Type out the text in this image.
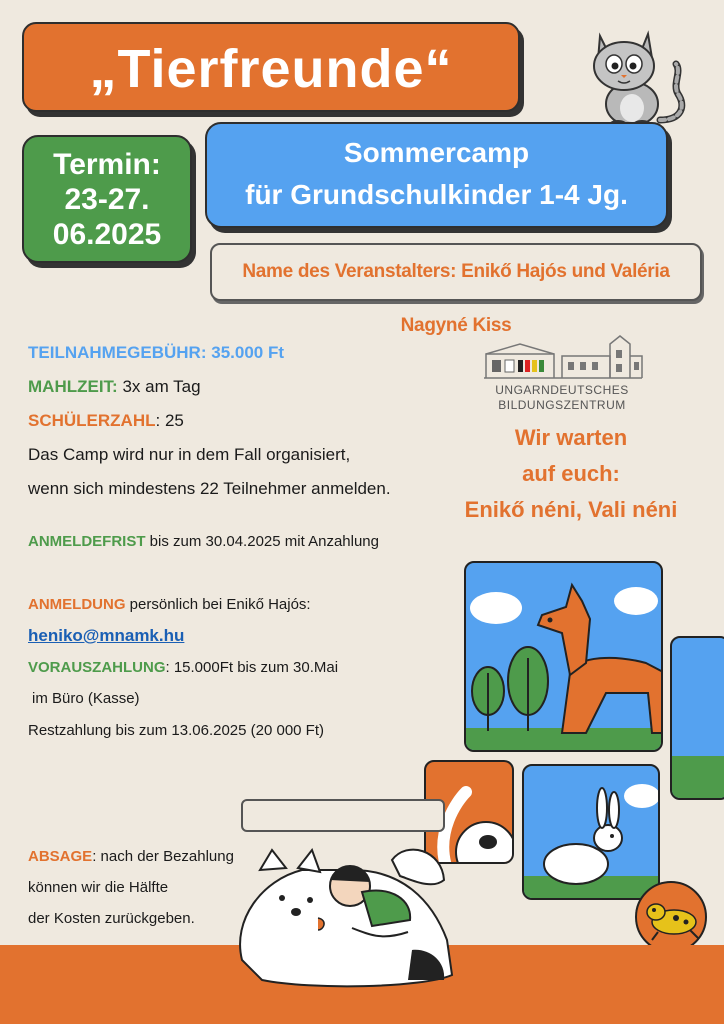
„Tierfreunde“
Termin:
23-27.
06.2025
Sommercamp
für Grundschulkinder 1-4 Jg.
Name des Veranstalters: Enikő Hajós und Valéria Nagyné Kiss
TEILNAHMEGEBÜHR: 35.000 Ft
MAHLZEIT: 3x am Tag
SCHÜLERZAHL: 25
Das Camp wird nur in dem Fall organisiert,
wenn sich mindestens 22 Teilnehmer anmelden.
ANMELDEFRIST bis zum 30.04.2025 mit Anzahlung
ANMELDUNG persönlich bei Enikő Hajós:
heniko@mnamk.hu
VORAUSZAHLUNG: 15.000Ft bis zum 30.Mai
im Büro (Kasse)
Restzahlung bis zum 13.06.2025 (20 000 Ft)
ABSAGE: nach der Bezahlung
können wir die Hälfte
der Kosten zurückgeben.
UNGARNDEUTSCHES
BILDUNGSZENTRUM
Wir warten
auf euch:
Enikő néni, Vali néni
